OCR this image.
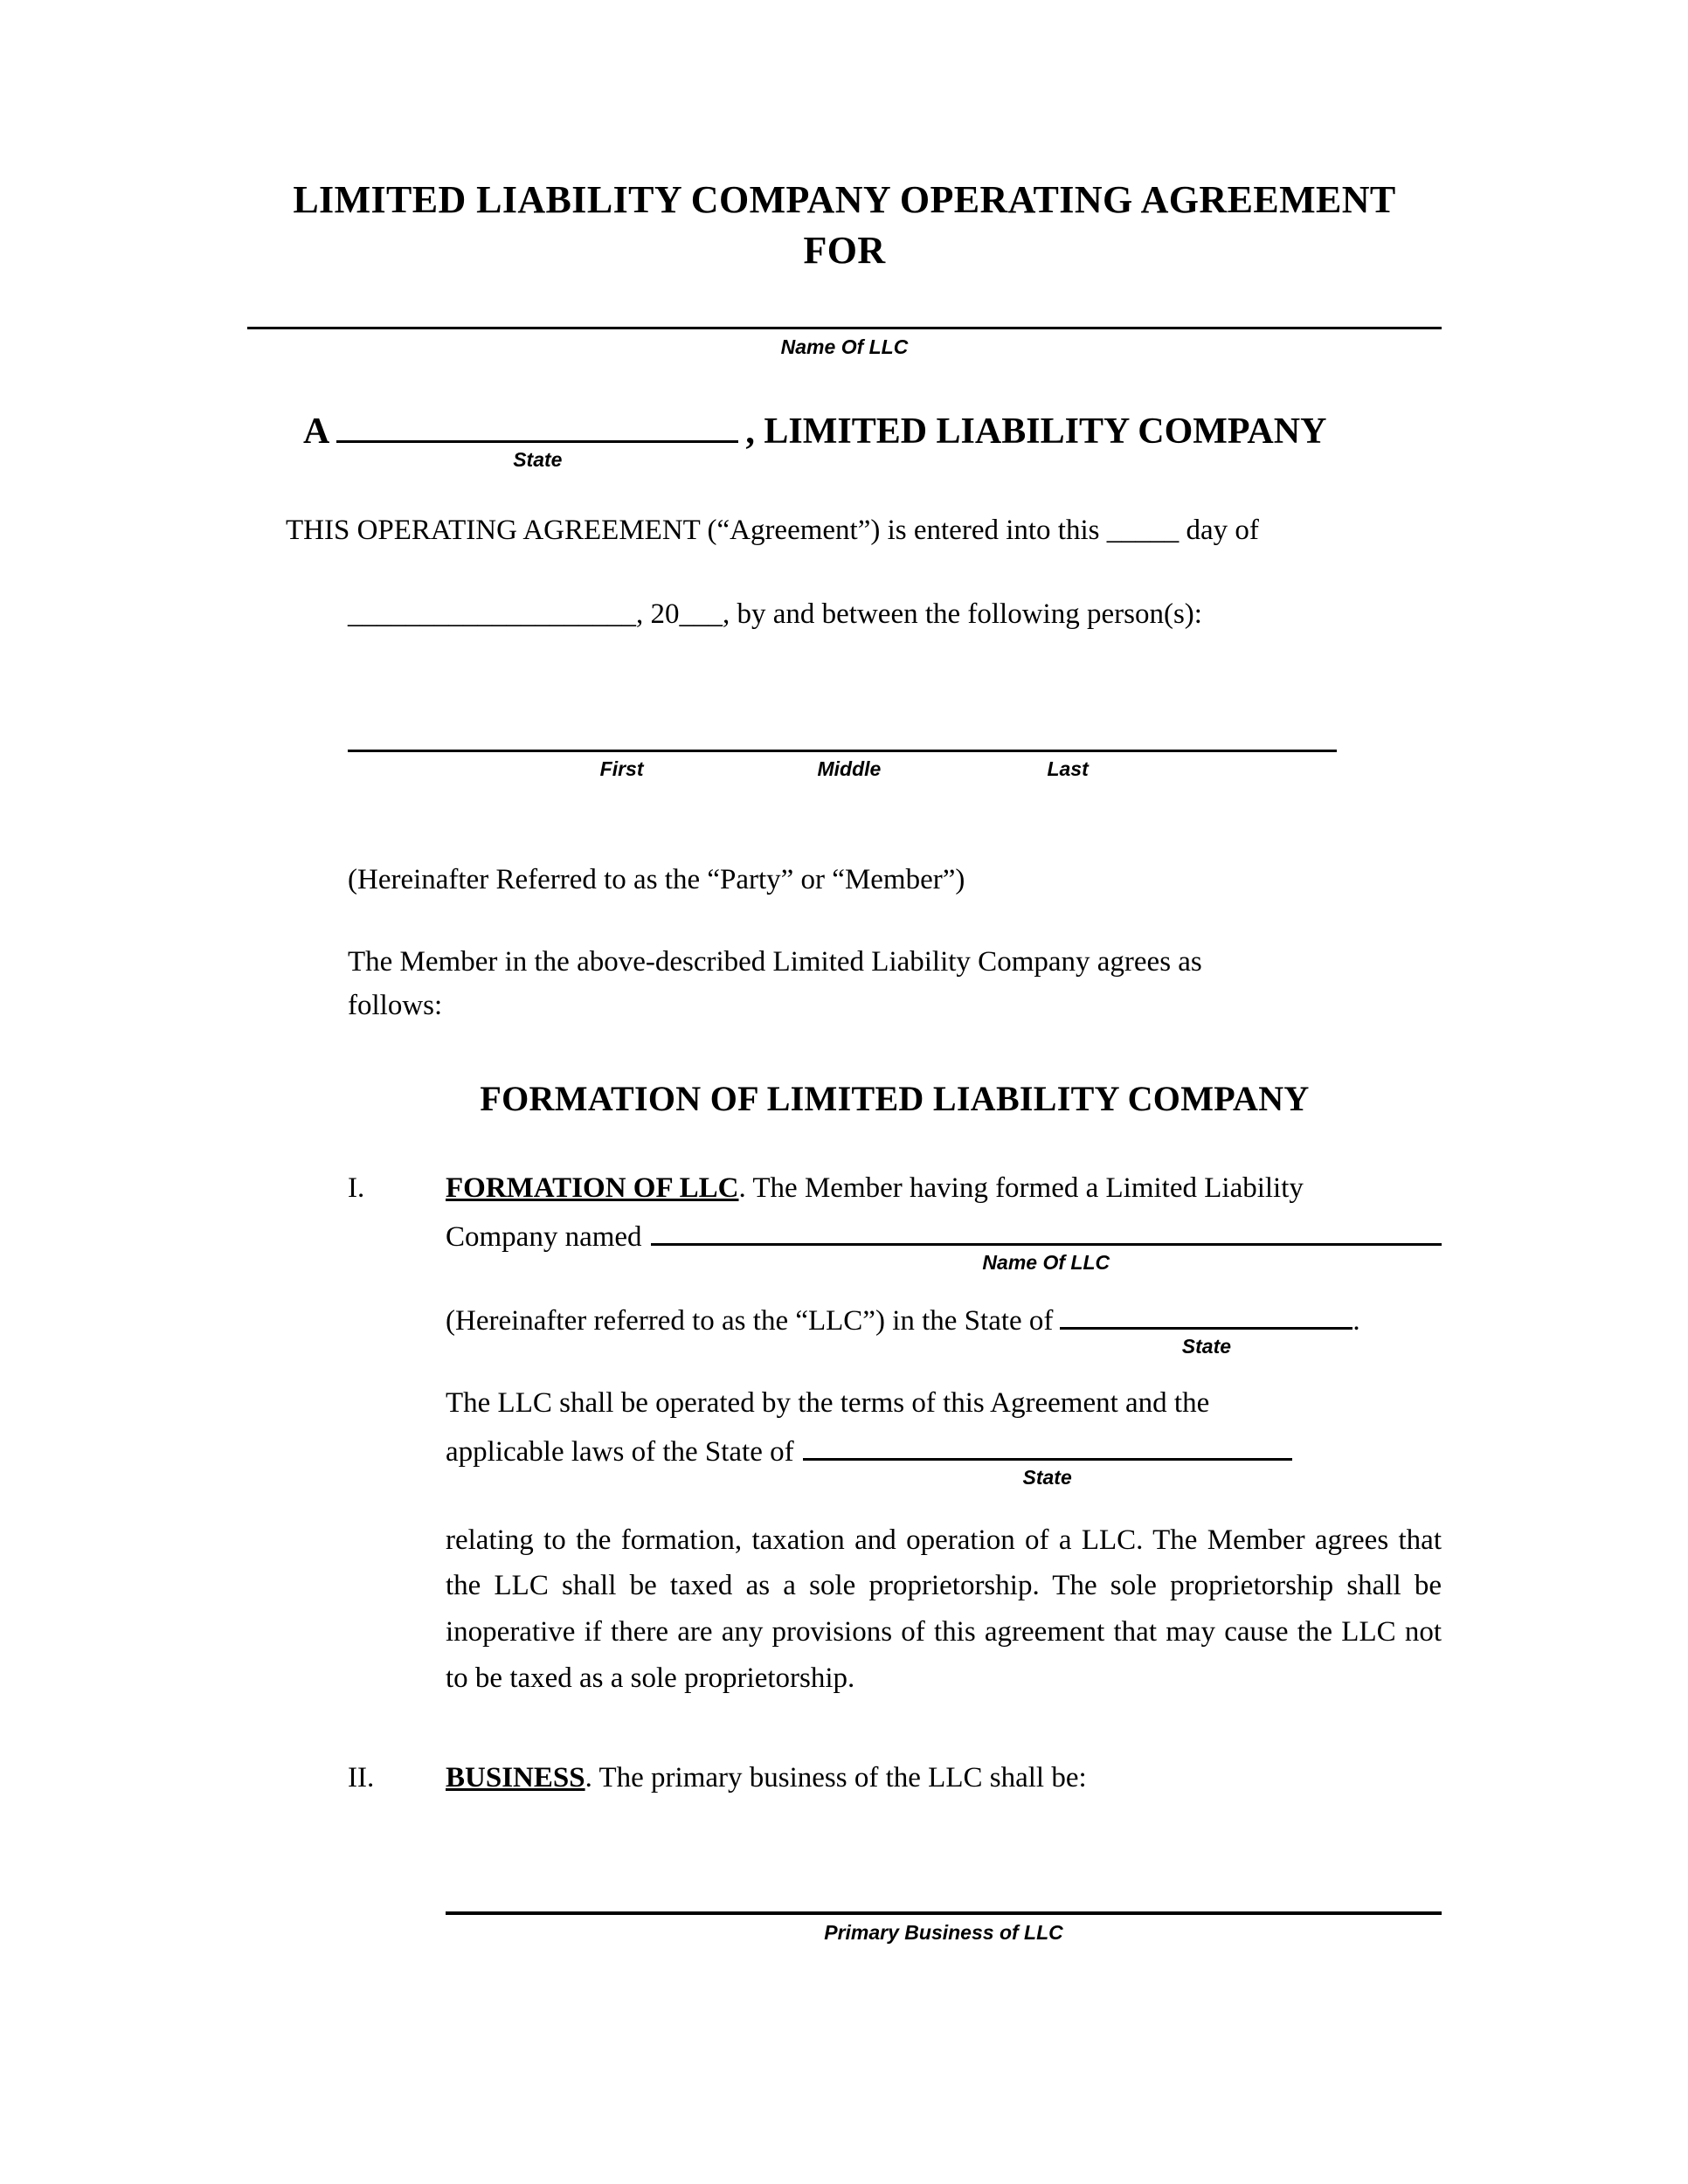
LIMITED LIABILITY COMPANY OPERATING AGREEMENT
FOR
Name Of LLC
A
State
, LIMITED LIABILITY COMPANY
THIS OPERATING AGREEMENT (“Agreement”) is entered into this _____ day of
____________________, 20___, by and between the following person(s):
First	Middle	Last
(Hereinafter Referred to as the “Party” or “Member”)
The Member in the above-described Limited Liability Company agrees as
follows:
FORMATION OF LIMITED LIABILITY COMPANY
I.	FORMATION OF LLC. The Member having formed a Limited Liability
Company named
Name Of LLC
(Hereinafter referred to as the “LLC”) in the State of
State
.
The LLC shall be operated by the terms of this Agreement and the
applicable laws of the State of
State
relating to the formation, taxation and operation of a LLC. The Member agrees that the LLC shall be taxed as a sole proprietorship. The sole proprietorship shall be inoperative if there are any provisions of this agreement that may cause the LLC not to be taxed as a sole proprietorship.
II.	BUSINESS. The primary business of the LLC shall be:
Primary Business of LLC
